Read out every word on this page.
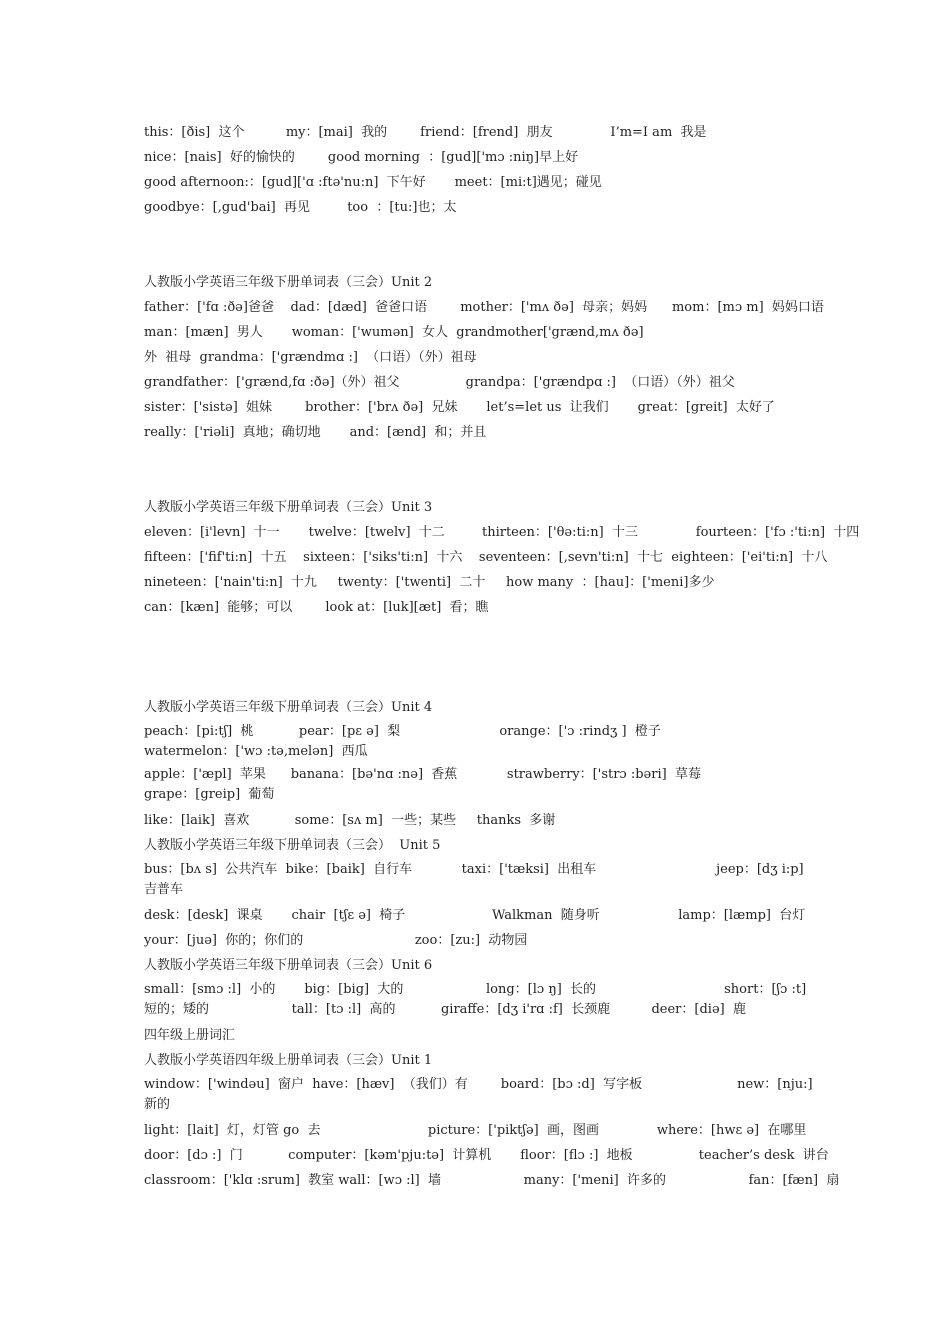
this：[ðis]  这个          my：[mai]  我的        friend：[frend]  朋友              I’m=I am  我是
nice：[nais]  好的愉快的        good morning  ：[gud]['mɔ :niŋ]早上好
good afternoon:：[gud]['ɑ :ftə'nu:n]  下午好       meet：[mi:t]遇见；碰见
goodbye：[,gud'bai]  再见         too  ：[tu:]也；太
人教版小学英语三年级下册单词表（三会）Unit 2
father：['fɑ :ðə]爸爸    dad：[dæd]  爸爸口语        mother：['mʌ ðə]  母亲；妈妈      mom：[mɔ m]  妈妈口语
man：[mæn]  男人       woman：['wumən]  女人  grandmother['grænd,mʌ ðə]
外  祖母  grandma：['grændmɑ :]  （口语）（外）祖母
grandfather：['grænd,fɑ :ðə]（外）祖父                grandpa：['grændpɑ :]  （口语）（外）祖父
sister：['sistə]  姐妹        brother：['brʌ ðə]  兄妹       let’s=let us  让我们       great：[greit]  太好了
really：['riəli]  真地；确切地       and：[ænd]  和；并且
人教版小学英语三年级下册单词表（三会）Unit 3
eleven：[i'levn]  十一       twelve：[twelv]  十二         thirteen：['θə:ti:n]  十三              fourteen：['fɔ :'ti:n]  十四
fifteen：['fif'ti:n]  十五    sixteen：['siks'ti:n]  十六    seventeen：[,sevn'ti:n]  十七  eighteen：['ei'ti:n]  十八
nineteen：['nain'ti:n]  十九     twenty：['twenti]  二十     how many  ：[hau]：['meni]多少
can：[kæn]  能够；可以        look at：[luk][æt]  看；瞧
人教版小学英语三年级下册单词表（三会）Unit 4
peach：[pi:tʃ]  桃           pear：[pɛ ə]  梨                        orange：['ɔ :rindʒ ]  橙子                             watermelon：['wɔ :tə,melən]  西瓜
apple：['æpl]  苹果      banana：[bə'nɑ :nə]  香蕉            strawberry：['strɔ :bəri]  草莓                          grape：[greip]  葡萄
like：[laik]  喜欢           some：[sʌ m]  一些；某些     thanks  多谢
人教版小学英语三年级下册单词表（三会）  Unit 5
bus：[bʌ s]  公共汽车  bike：[baik]  自行车            taxi：['tæksi]  出租车                             jeep：[dʒ i:p]  吉普车
desk：[desk]  课桌       chair  [tʃɛ ə]  椅子                     Walkman  随身听                   lamp：[læmp]  台灯
your：[juə]  你的；你们的                           zoo：[zu:]  动物园
人教版小学英语三年级下册单词表（三会）Unit 6
small：[smɔ :l]  小的       big：[big]  大的                    long：[lɔ ŋ]  长的                               short：[ʃɔ :t]  短的；矮的                    tall：[tɔ :l]  高的           giraffe：[dʒ i'rɑ :f]  长颈鹿          deer：[diə]  鹿
四年级上册词汇
人教版小学英语四年级上册单词表（三会）Unit 1
window：['windəu]  窗户  have：[hæv]  （我们）有        board：[bɔ :d]  写字板                       new：[nju:]  新的
light：[lait]  灯，灯管 go  去                          picture：['piktʃə]  画，图画              where：[hwɛ ə]  在哪里
door：[dɔ :]  门           computer：[kəm'pju:tə]  计算机       floor：[flɔ :]  地板                teacher’s desk  讲台
classroom：['klɑ :srum]  教室 wall：[wɔ :l]  墙                    many：['meni]  许多的                    fan：[fæn]  扇
